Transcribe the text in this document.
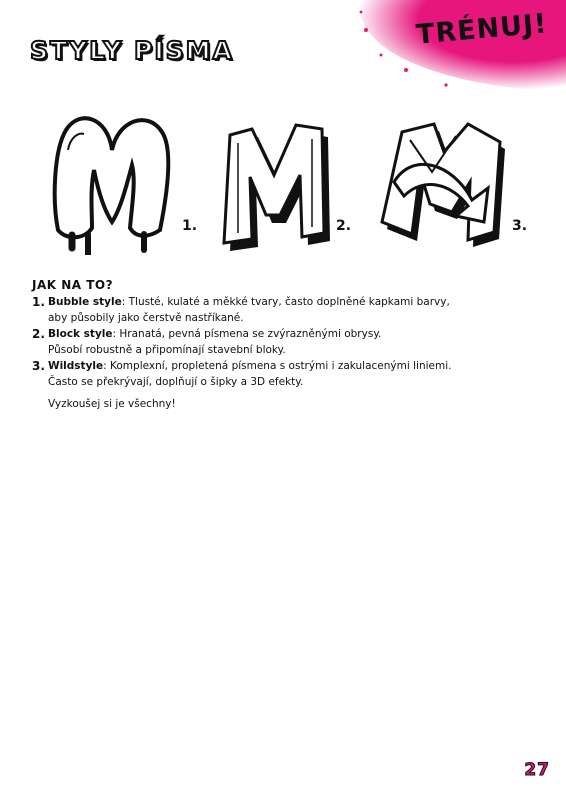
TRÉNUJ!
STYLY PÍSMA
1.	2.	3.
JAK NA TO?
1. Bubble style: Tlusté, kulaté a měkké tvary, často doplněné kapkami barvy,
aby působily jako čerstvě nastříkané.
2. Block style: Hranatá, pevná písmena se zvýrazněnými obrysy.
Působí robustně a připomínají stavební bloky.
3. Wildstyle: Komplexní, propletená písmena s ostrými i zakulacenými liniemi.
Často se překrývají, doplňují o šipky a 3D efekty.
Vyzkoušej si je všechny!
27
